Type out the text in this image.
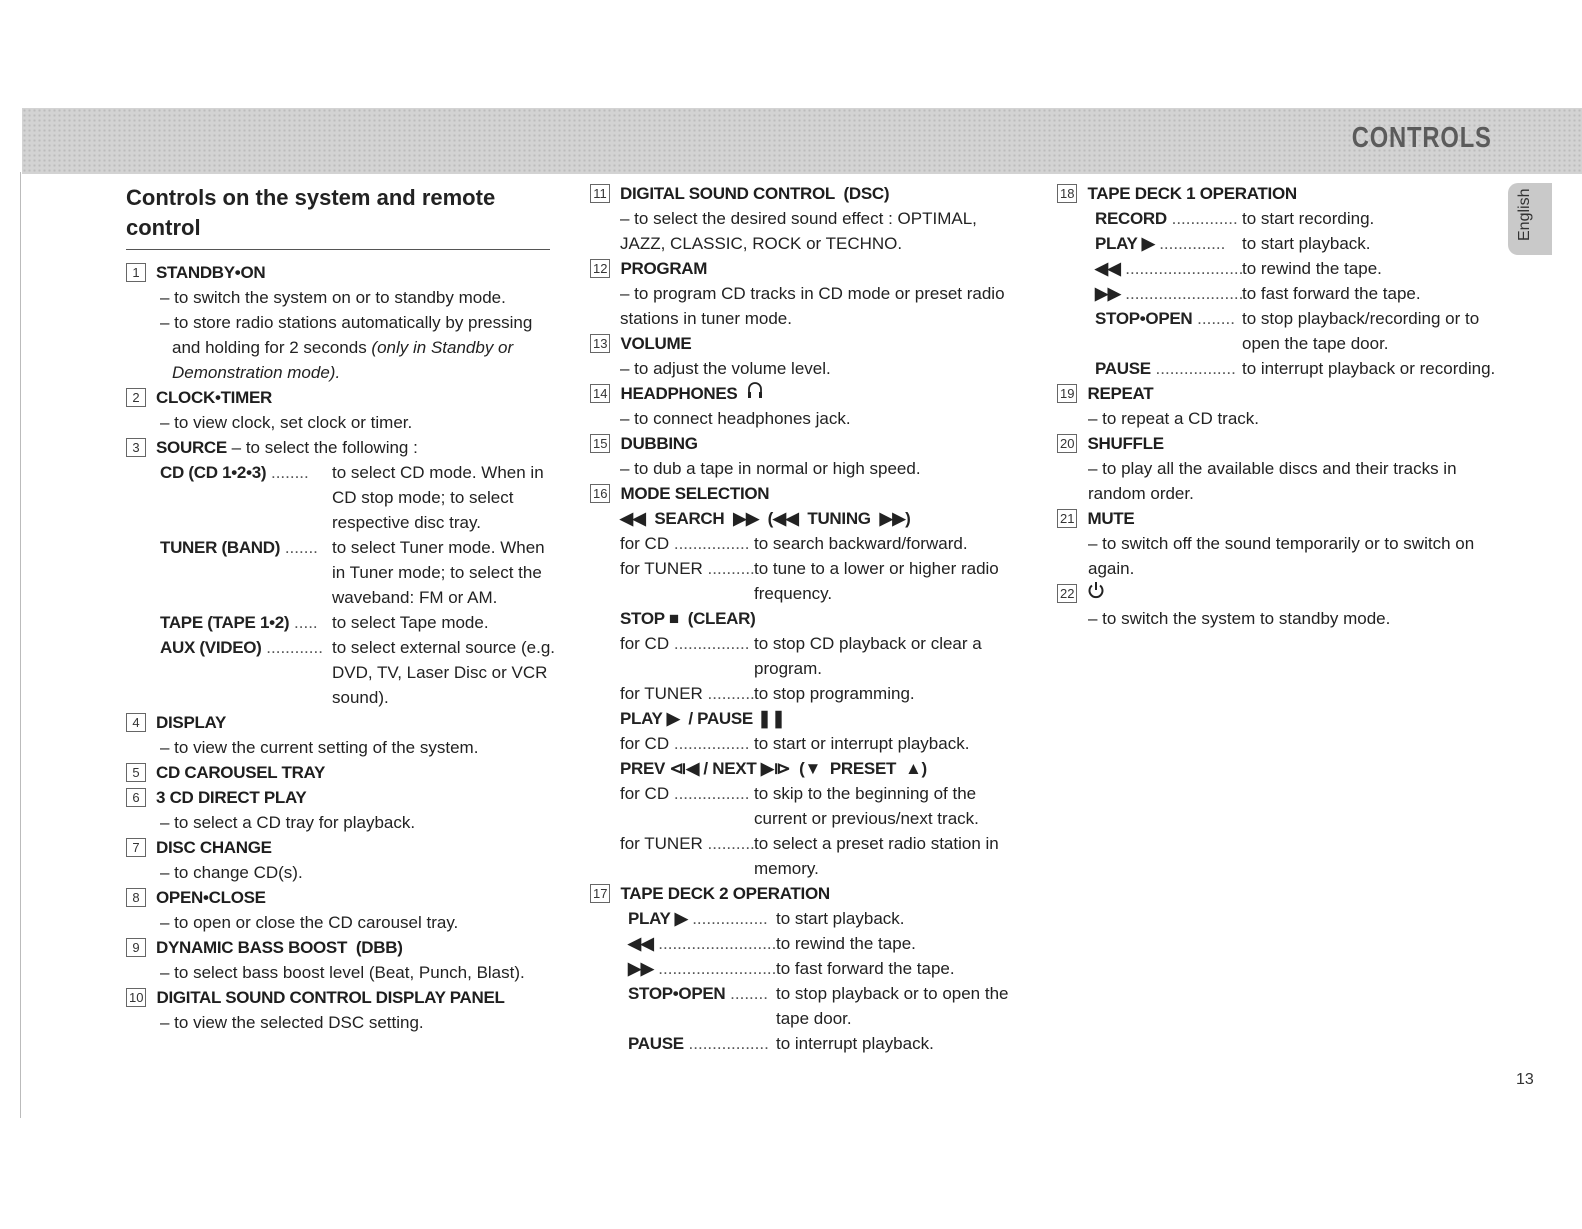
CONTROLS
English
13
Controls on the system and remote control
1 STANDBY•ON
– to switch the system on or to standby mode.
– to store radio stations automatically by pressing and holding for 2 seconds (only in Standby or Demonstration mode).
2 CLOCK•TIMER
– to view clock, set clock or timer.
3 SOURCE – to select the following :
CD (CD 1•2•3) ........	to select CD mode. When in CD stop mode; to select respective disc tray.
TUNER (BAND) ....... to select Tuner mode. When in Tuner mode; to select the waveband: FM or AM.
TAPE (TAPE 1•2) ..... to select Tape mode.
AUX (VIDEO) ............ to select external source (e.g. DVD, TV, Laser Disc or VCR sound).
4 DISPLAY
– to view the current setting of the system.
5 CD CAROUSEL TRAY
6 3 CD DIRECT PLAY
– to select a CD tray for playback.
7 DISC CHANGE
– to change CD(s).
8 OPEN•CLOSE
– to open or close the CD carousel tray.
9 DYNAMIC BASS BOOST  (DBB)
– to select bass boost level (Beat, Punch, Blast).
10 DIGITAL SOUND CONTROL DISPLAY PANEL
– to view the selected DSC setting.
11 DIGITAL SOUND CONTROL  (DSC)
– to select the desired sound effect : OPTIMAL, JAZZ, CLASSIC, ROCK or TECHNO.
12 PROGRAM
– to program CD tracks in CD mode or preset radio stations in tuner mode.
13 VOLUME
– to adjust the volume level.
14 HEADPHONES
– to connect headphones jack.
15 DUBBING
– to dub a tape in normal or high speed.
16 MODE SELECTION
◀◀  SEARCH  ▶▶  (◀◀  TUNING  ▶▶)
for CD ................ to search backward/forward.
for TUNER .......... to tune to a lower or higher radio frequency.
STOP ■  (CLEAR)
for CD ................ to stop CD playback or clear a program.
for TUNER .......... to stop programming.
PLAY ▶  / PAUSE ❚❚
for CD ................ to start or interrupt playback.
PREV ⧏◀ / NEXT ▶⧐  (▼  PRESET  ▲)
for CD ................ to skip to the beginning of the current or previous/next track.
for TUNER .......... to select a preset radio station in memory.
17 TAPE DECK 2 OPERATION
PLAY ▶ ................ to start playback.
◀◀ ......................... to rewind the tape.
▶▶ ......................... to fast forward the tape.
STOP•OPEN ........ to stop playback or to open the tape door.
PAUSE ................. to interrupt playback.
18 TAPE DECK 1 OPERATION
RECORD .............. to start recording.
PLAY ▶ .............. to start playback.
◀◀ .........................
to rewind the tape.
▶▶ .........................
to fast forward the tape.
STOP•OPEN ........ to stop playback/recording or to open the tape door.
PAUSE ................. to interrupt playback or recording.
19 REPEAT
– to repeat a CD track.
20 SHUFFLE
– to play all the available discs and their tracks in random order.
21 MUTE
– to switch off the sound temporarily or to switch on again.
22
– to switch the system to standby mode.
